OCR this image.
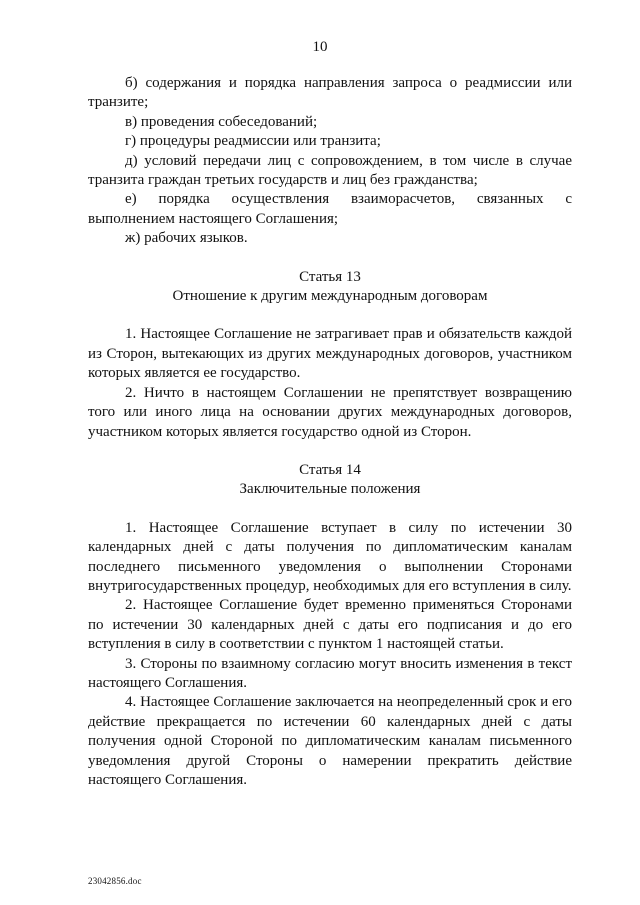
10

б) содержания и порядка направления запроса о реадмиссии или транзите;

в) проведения собеседований;

г) процедуры реадмиссии или транзита;

д) условий передачи лиц с сопровождением, в том числе в случае транзита граждан третьих государств и лиц без гражданства;

е) порядка осуществления взаиморасчетов, связанных с выполнением настоящего Соглашения;

ж) рабочих языков.

Статья 13

Отношение к другим международным договорам

1. Настоящее Соглашение не затрагивает прав и обязательств каждой из Сторон, вытекающих из других международных договоров, участником которых является ее государство.

2. Ничто в настоящем Соглашении не препятствует возвращению того или иного лица на основании других международных договоров, участником которых является государство одной из Сторон.

Статья 14

Заключительные положения

1. Настоящее Соглашение вступает в силу по истечении 30 календарных дней с даты получения по дипломатическим каналам последнего письменного уведомления о выполнении Сторонами внутригосударственных процедур, необходимых для его вступления в силу.

2. Настоящее Соглашение будет временно применяться Сторонами по истечении 30 календарных дней с даты его подписания и до его вступления в силу в соответствии с пунктом 1 настоящей статьи.

3. Стороны по взаимному согласию могут вносить изменения в текст настоящего Соглашения.

4. Настоящее Соглашение заключается на неопределенный срок и его действие прекращается по истечении 60 календарных дней с даты получения одной Стороной по дипломатическим каналам письменного уведомления другой Стороны о намерении прекратить действие настоящего Соглашения.

23042856.doc
